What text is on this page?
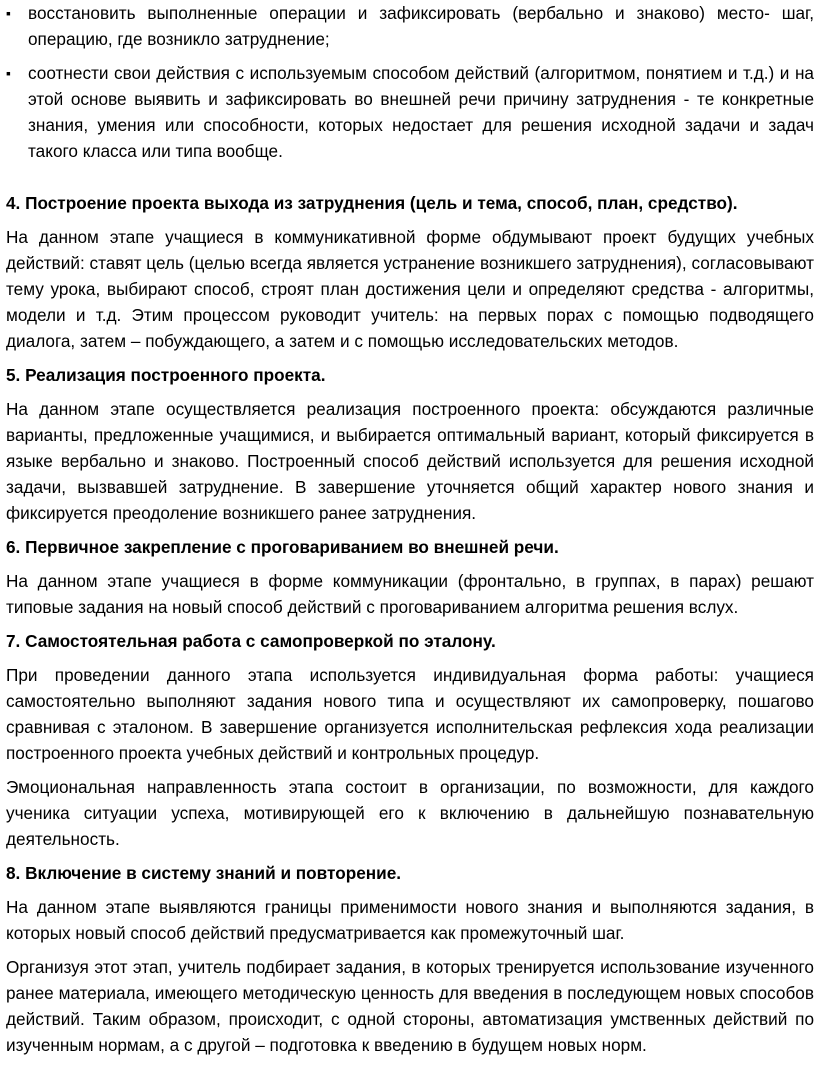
▪ восстановить выполненные операции и зафиксировать (вербально и знаково) место- шаг, операцию, где возникло затруднение;
▪ соотнести свои действия с используемым способом действий (алгоритмом, понятием и т.д.) и на этой основе выявить и зафиксировать во внешней речи причину затруднения - те конкретные знания, умения или способности, которых недостает для решения исходной задачи и задач такого класса или типа вообще.
4. Построение проекта выхода из затруднения (цель и тема, способ, план, средство).

На данном этапе учащиеся в коммуникативной форме обдумывают проект будущих учебных действий: ставят цель (целью всегда является устранение возникшего затруднения), согласовывают тему урока, выбирают способ, строят план достижения цели и определяют средства - алгоритмы, модели и т.д. Этим процессом руководит учитель: на первых порах с помощью подводящего диалога, затем – побуждающего, а затем и с помощью исследовательских методов.

5. Реализация построенного проекта.

На данном этапе осуществляется реализация построенного проекта: обсуждаются различные варианты, предложенные учащимися, и выбирается оптимальный вариант, который фиксируется в языке вербально и знаково. Построенный способ действий используется для решения исходной задачи, вызвавшей затруднение. В завершение уточняется общий характер нового знания и фиксируется преодоление возникшего ранее затруднения.

6. Первичное закрепление с проговариванием во внешней речи.

На данном этапе учащиеся в форме коммуникации (фронтально, в группах, в парах) решают типовые задания на новый способ действий с проговариванием алгоритма решения вслух.

7. Самостоятельная работа с самопроверкой по эталону.

При проведении данного этапа используется индивидуальная форма работы: учащиеся самостоятельно выполняют задания нового типа и осуществляют их самопроверку, пошагово сравнивая с эталоном. В завершение организуется исполнительская рефлексия хода реализации построенного проекта учебных действий и контрольных процедур.

Эмоциональная направленность этапа состоит в организации, по возможности, для каждого ученика ситуации успеха, мотивирующей его к включению в дальнейшую познавательную деятельность.

8. Включение в систему знаний и повторение.

На данном этапе выявляются границы применимости нового знания и выполняются задания, в которых новый способ действий предусматривается как промежуточный шаг.

Организуя этот этап, учитель подбирает задания, в которых тренируется использование изученного ранее материала, имеющего методическую ценность для введения в последующем новых способов действий. Таким образом, происходит, с одной стороны, автоматизация умственных действий по изученным нормам, а с другой – подготовка к введению в будущем новых норм.
